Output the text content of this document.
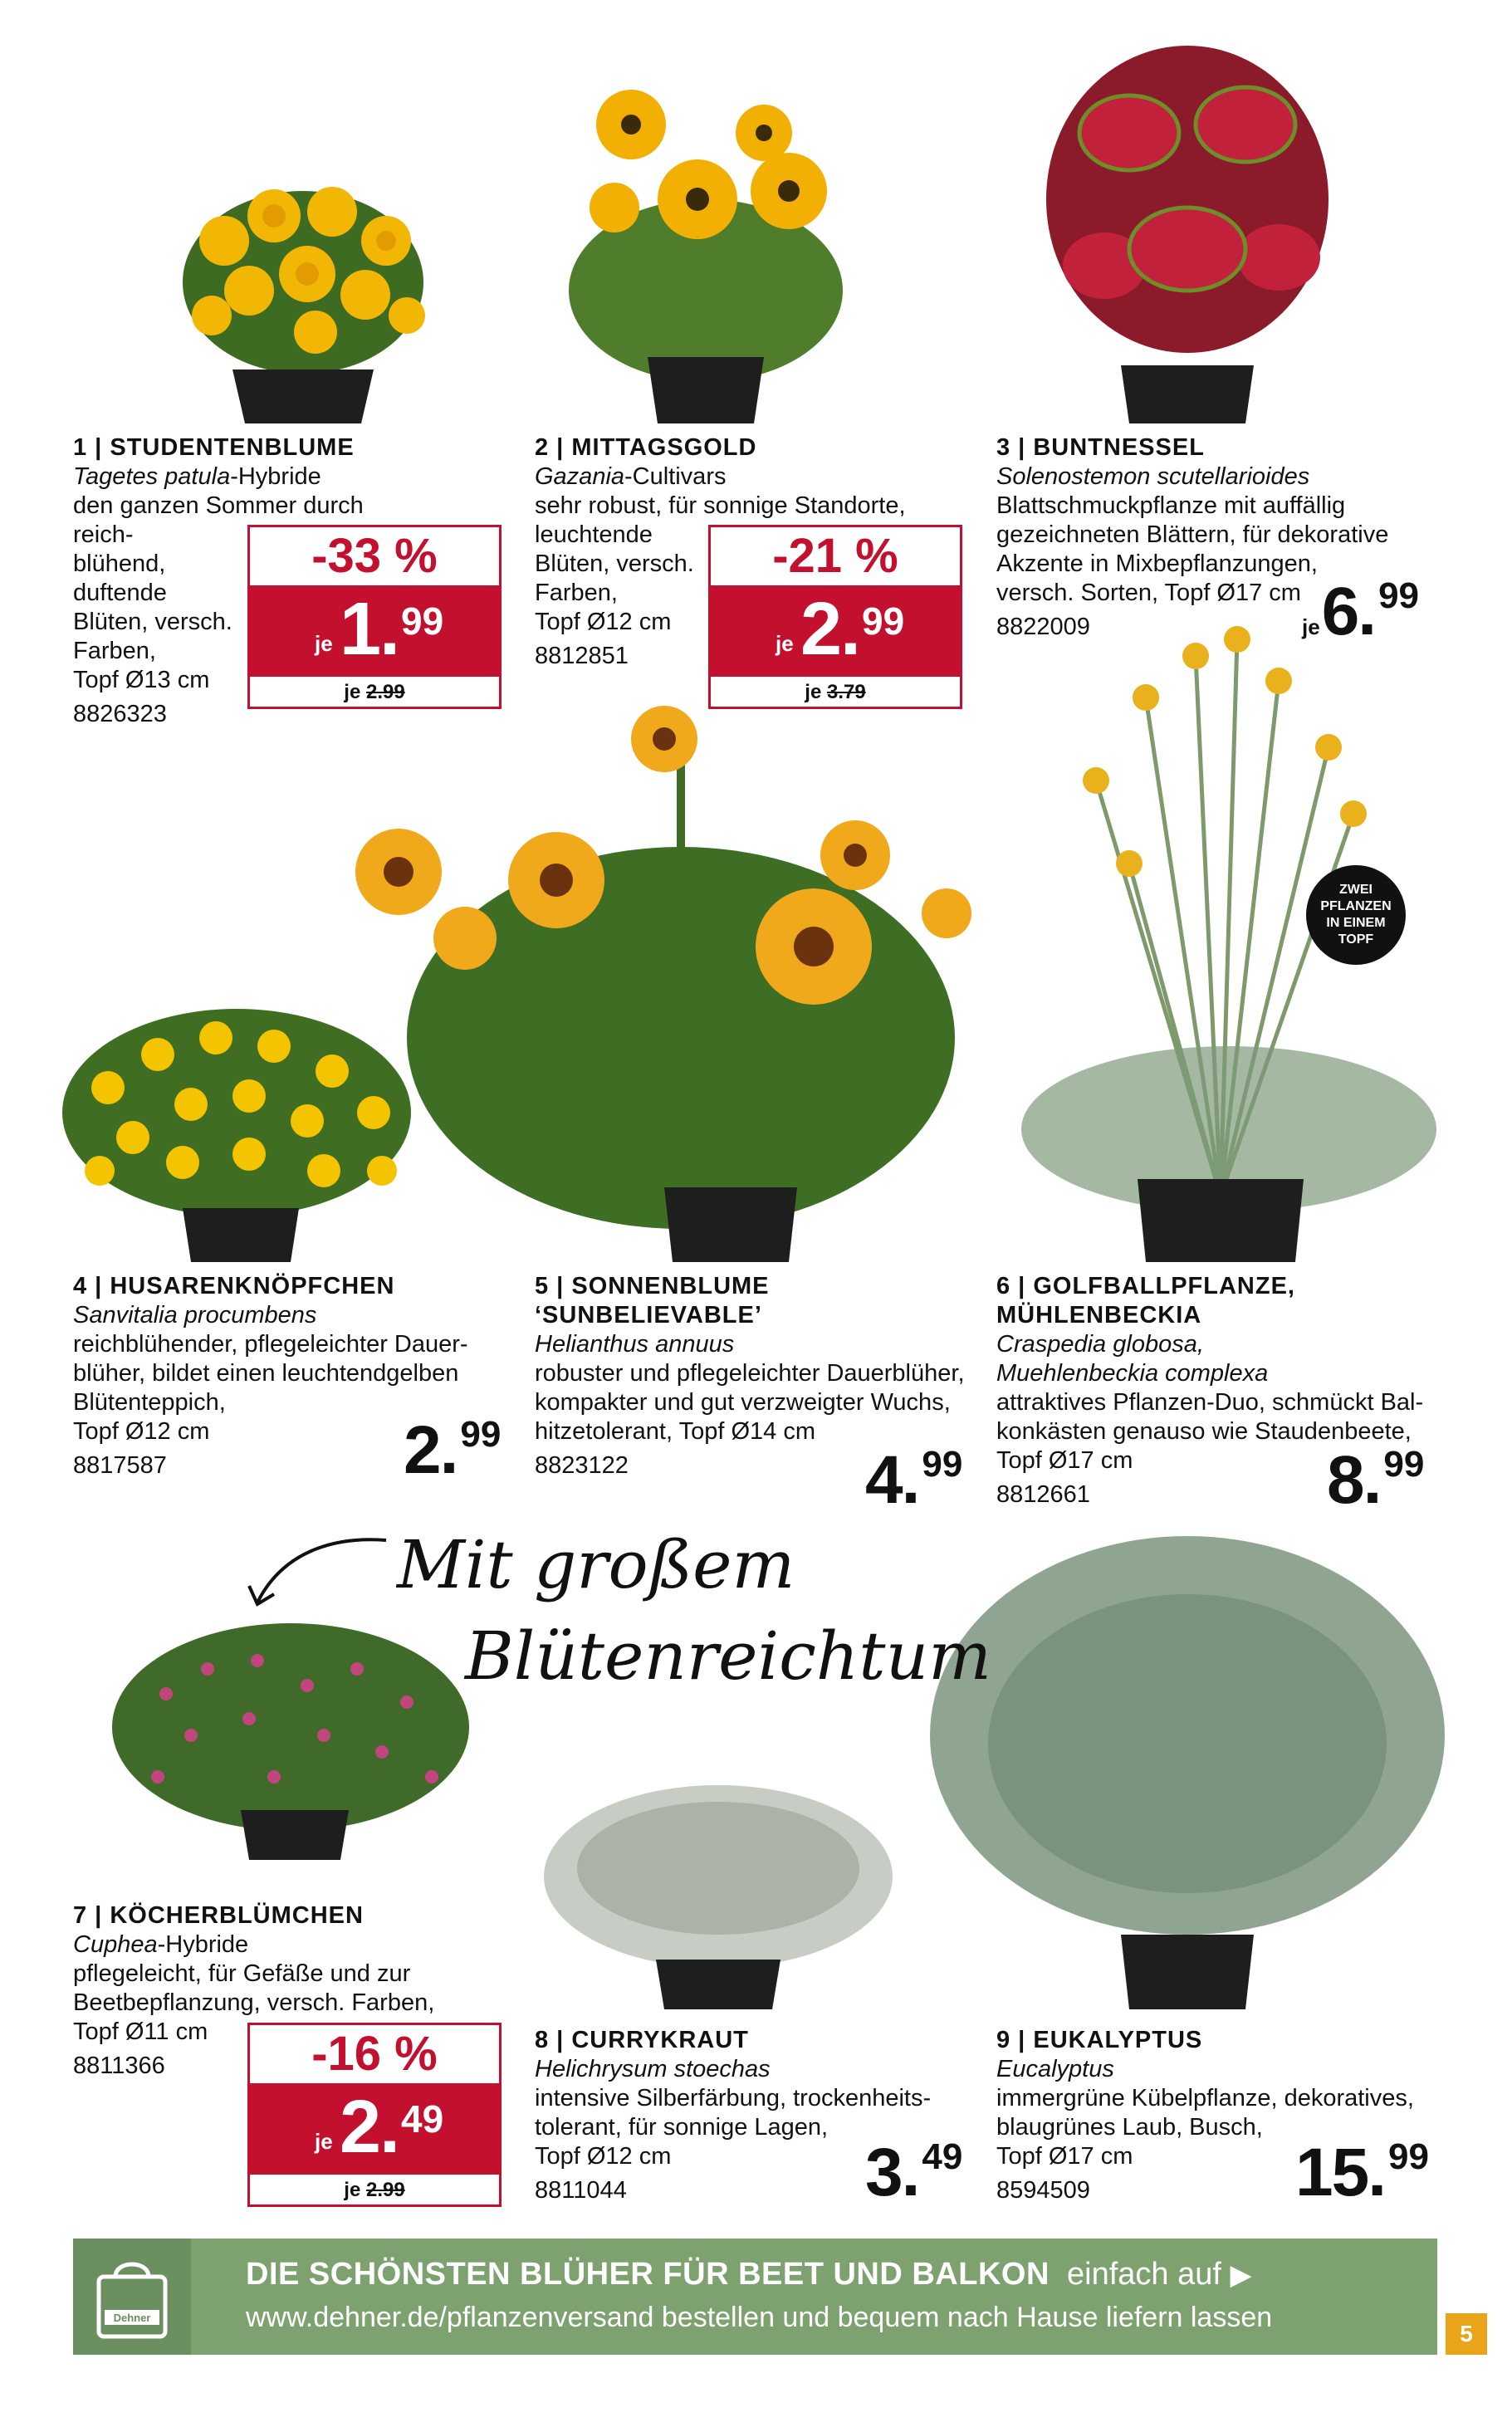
1 | STUDENTENBLUME
Tagetes patula-Hybride
den ganzen Sommer durch reich-
blühend,
duftende
Blüten, versch.
Farben,
Topf Ø13 cm
8826323
2 | MITTAGSGOLD
Gazania-Cultivars
sehr robust, für sonnige Standorte,
leuchtende
Blüten, versch.
Farben,
Topf Ø12 cm
8812851
3 | BUNTNESSEL
Solenostemon scutellarioides
Blattschmuckpflanze mit auffällig
gezeichneten Blättern, für dekorative
Akzente in Mixbepflanzungen,
versch. Sorten, Topf Ø17 cm
8822009
4 | HUSARENKNÖPFCHEN
Sanvitalia procumbens
reichblühender, pflegeleichter Dauer-
blüher, bildet einen leuchtendgelben
Blütenteppich,
Topf Ø12 cm
8817587
5 | SONNENBLUME
‘SUNBELIEVABLE’
Helianthus annuus
robuster und pflegeleichter Dauerblüher,
kompakter und gut verzweigter Wuchs,
hitzetolerant, Topf Ø14 cm
8823122
6 | GOLFBALLPFLANZE,
MÜHLENBECKIA
Craspedia globosa,
Muehlenbeckia complexa
attraktives Pflanzen-Duo, schmückt Bal-
konkästen genauso wie Staudenbeete,
Topf Ø17 cm
8812661
7 | KÖCHERBLÜMCHEN
Cuphea-Hybride
pflegeleicht, für Gefäße und zur
Beetbepflanzung, versch. Farben,
Topf Ø11 cm
8811366
8 | CURRYKRAUT
Helichrysum stoechas
intensive Silberfärbung, trockenheits-
tolerant, für sonnige Lagen,
Topf Ø12 cm
8811044
9 | EUKALYPTUS
Eucalyptus
immergrüne Kübelpflanze, dekoratives,
blaugrünes Laub, Busch,
Topf Ø17 cm
8594509
-33 %
je 1. 99
je 2.99
-21 %
je 2. 99
je 3.79
-16 %
je 2. 49
je 2.99
je6.99
2.99
4.99	8.99
3.49	15.99
ZWEI
PFLANZEN
IN EINEM
TOPF
Mit großem
Blütenreichtum
Dehner
DIE SCHÖNSTEN BLÜHER FÜR BEET UND BALKON einfach auf ▶
www.dehner.de/pflanzenversand bestellen und bequem nach Hause liefern lassen
5
